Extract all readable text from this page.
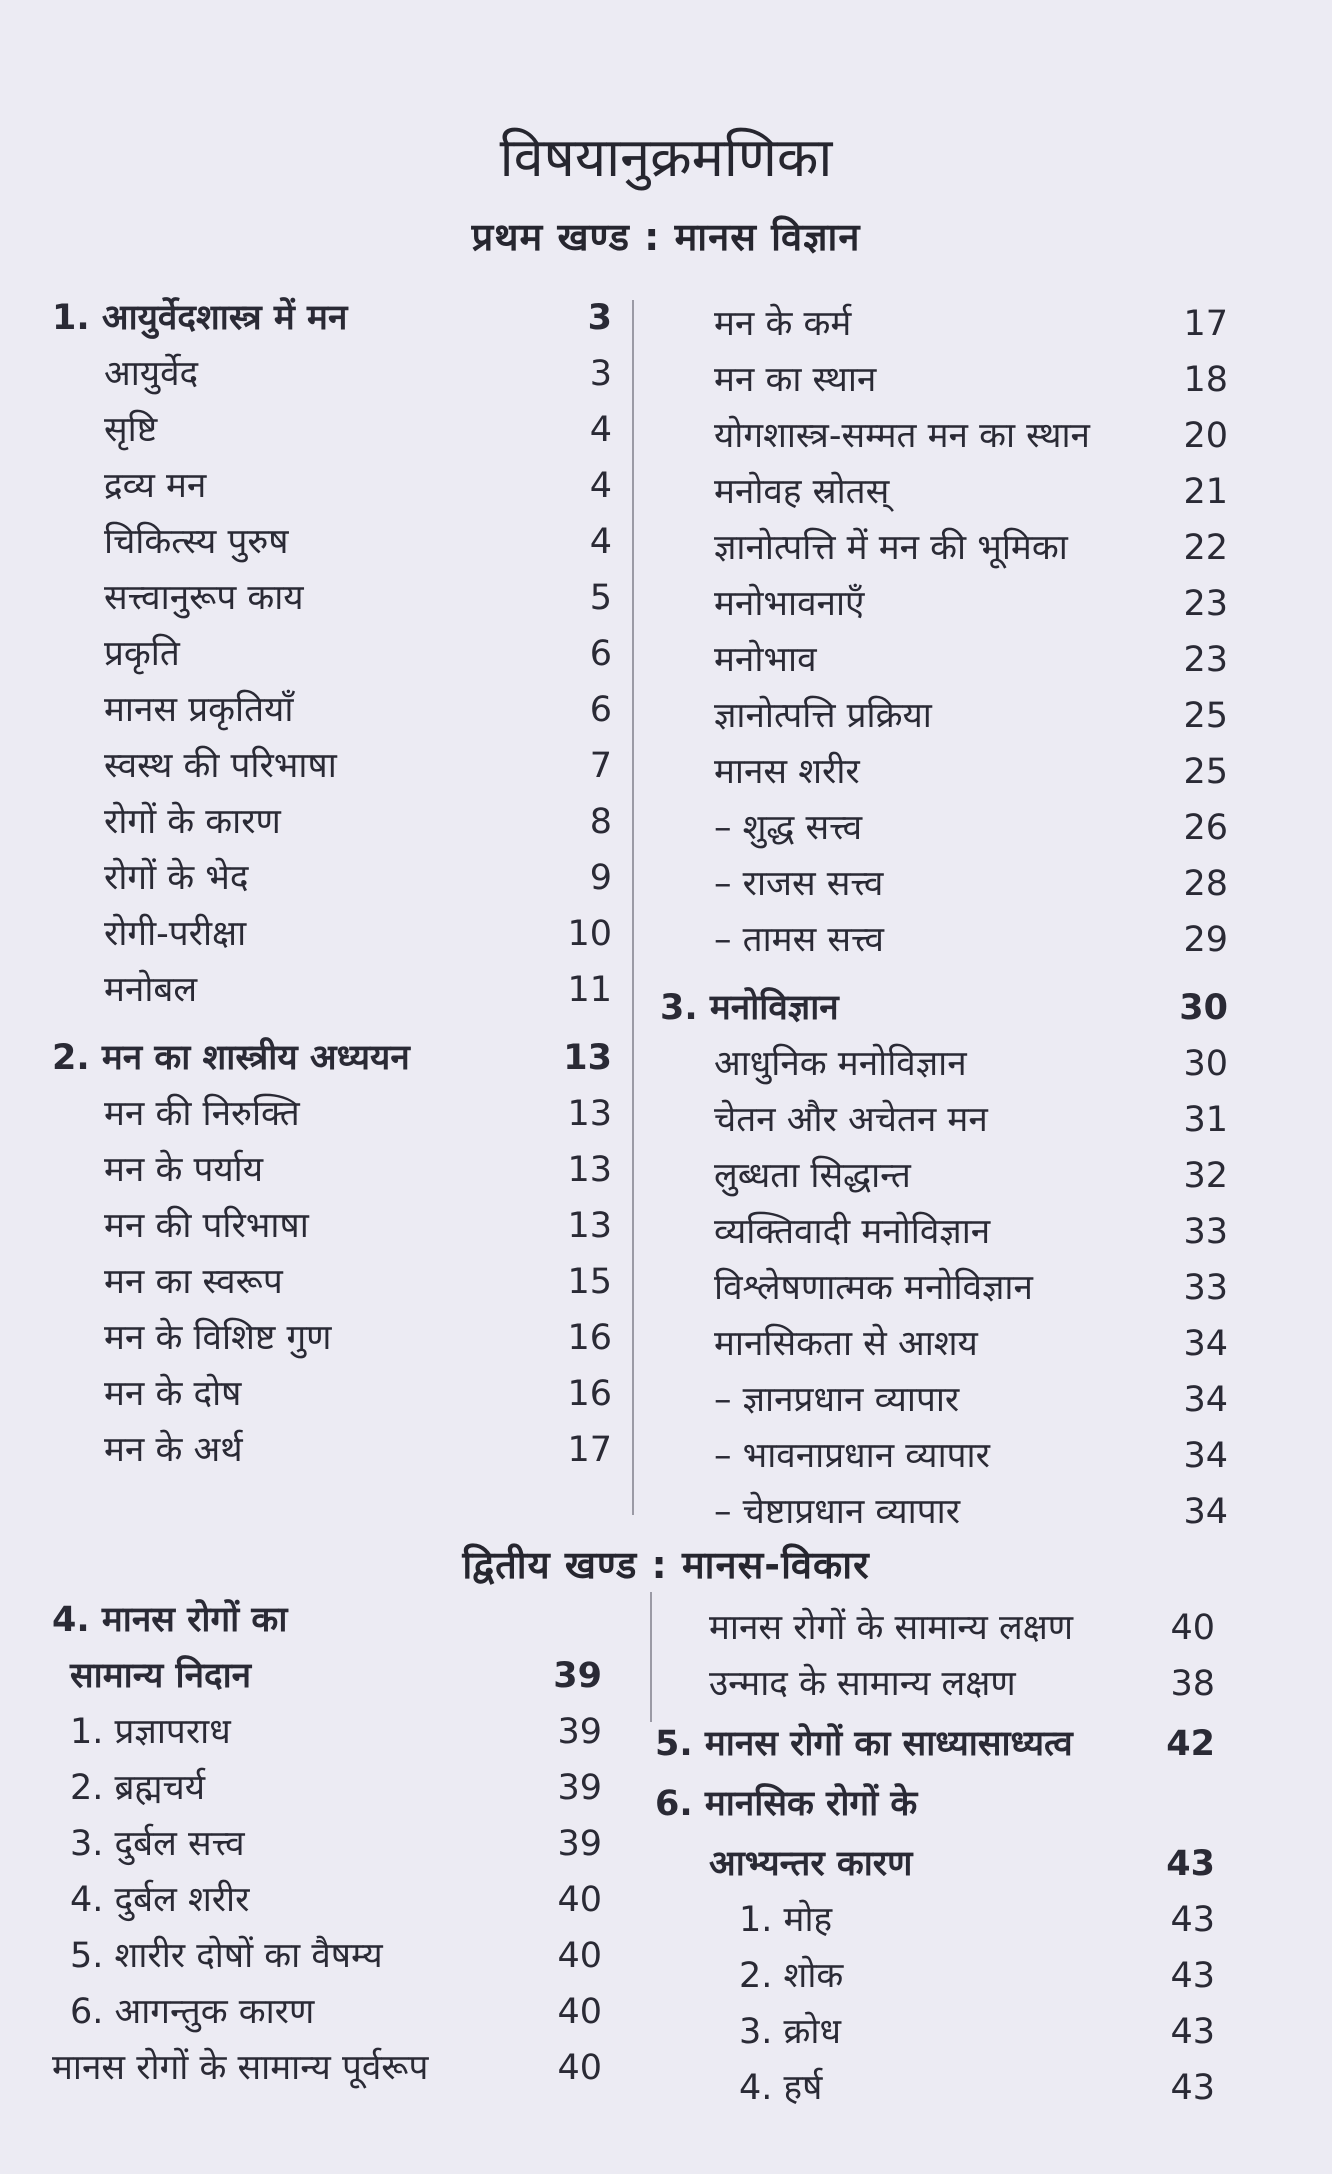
विषयानुक्रमणिका
प्रथम खण्ड : मानस विज्ञान
1. आयुर्वेदशास्त्र में मन	3
आयुर्वेद	3
सृष्टि	4
द्रव्य मन	4
चिकित्स्य पुरुष	4
सत्त्वानुरूप काय	5
प्रकृति	6
मानस प्रकृतियाँ	6
स्वस्थ की परिभाषा	7
रोगों के कारण	8
रोगों के भेद	9
रोगी-परीक्षा	10
मनोबल	11
2. मन का शास्त्रीय अध्ययन	13
मन की निरुक्ति	13
मन के पर्याय	13
मन की परिभाषा	13
मन का स्वरूप	15
मन के विशिष्ट गुण	16
मन के दोष	16
मन के अर्थ	17
मन के कर्म	17
मन का स्थान	18
योगशास्त्र-सम्मत मन का स्थान	20
मनोवह स्रोतस्	21
ज्ञानोत्पत्ति में मन की भूमिका	22
मनोभावनाएँ	23
मनोभाव	23
ज्ञानोत्पत्ति प्रक्रिया	25
मानस शरीर	25
– शुद्ध सत्त्व	26
– राजस सत्त्व	28
– तामस सत्त्व	29
3. मनोविज्ञान	30
आधुनिक मनोविज्ञान	30
चेतन और अचेतन मन	31
लुब्धता सिद्धान्त	32
व्यक्तिवादी मनोविज्ञान	33
विश्लेषणात्मक मनोविज्ञान	33
मानसिकता से आशय	34
– ज्ञानप्रधान व्यापार	34
– भावनाप्रधान व्यापार	34
– चेष्टाप्रधान व्यापार	34
द्वितीय खण्ड : मानस-विकार
4. मानस रोगों का
सामान्य निदान	39
1. प्रज्ञापराध	39
2. ब्रह्मचर्य	39
3. दुर्बल सत्त्व	39
4. दुर्बल शरीर	40
5. शारीर दोषों का वैषम्य	40
6. आगन्तुक कारण	40
मानस रोगों के सामान्य पूर्वरूप	40
मानस रोगों के सामान्य लक्षण	40
उन्माद के सामान्य लक्षण	38
5. मानस रोगों का साध्यासाध्यत्व	42
6. मानसिक रोगों के
आभ्यन्तर कारण	43
1. मोह	43
2. शोक	43
3. क्रोध	43
4. हर्ष	43
